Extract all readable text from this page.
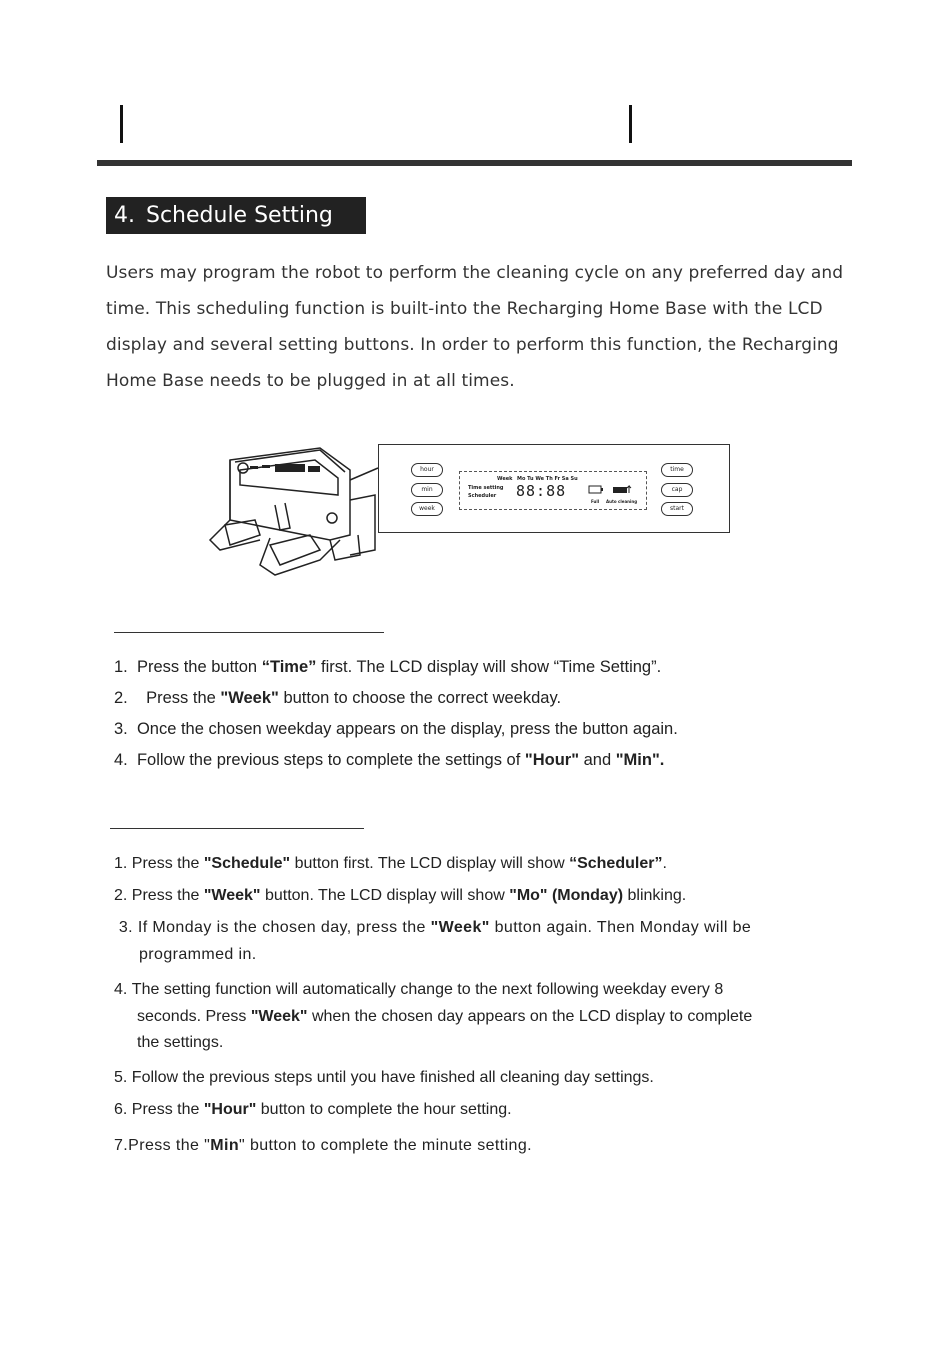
4. Schedule Setting

Users may program the robot to perform the cleaning cycle on any preferred day and

time. This scheduling function is built-into the Recharging Home Base with the LCD

display and several setting buttons. In order to perform this function, the Recharging

Home Base needs to be plugged in at all times.

hour
min
week
time
cap
start
Week Mo Tu We Th Fr Sa Su
Time setting
Scheduler 88:88
Full Auto cleaning
1. Press the button “Time” first. The LCD display will show “Time Setting”.
2.    Press the "Week" button to choose the correct weekday.
3. Once the chosen weekday appears on the display, press the button again.
4. Follow the previous steps to complete the settings of "Hour" and "Min".
1. Press the "Schedule" button first. The LCD display will show “Scheduler”.
2. Press the "Week" button. The LCD display will show "Mo" (Monday) blinking.
3. If Monday is the chosen day, press the "Week" button again. Then Monday will be
programmed in.
4. The setting function will automatically change to the next following weekday every 8
seconds. Press "Week" when the chosen day appears on the LCD display to complete
the settings.
5. Follow the previous steps until you have finished all cleaning day settings.
6. Press the "Hour" button to complete the hour setting.
7.Press the "Min" button to complete the minute setting.
